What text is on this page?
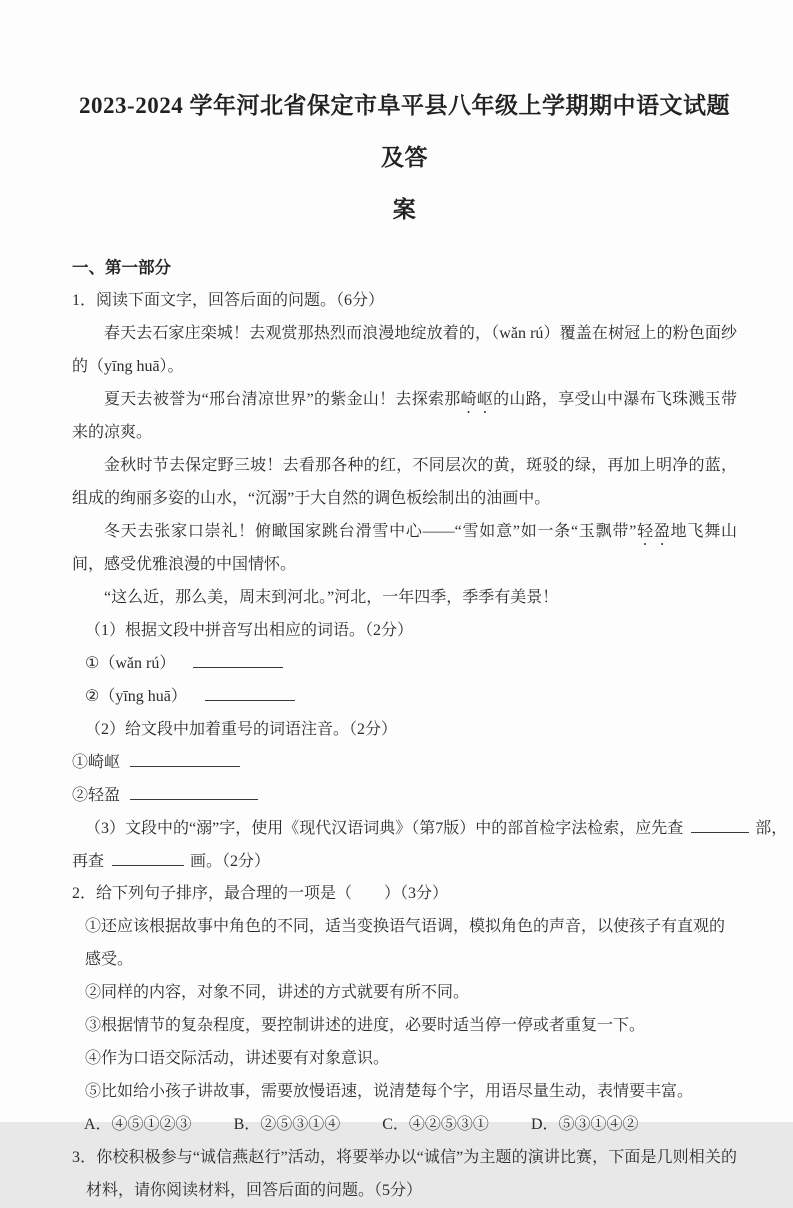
2023-2024 学年河北省保定市阜平县八年级上学期期中语文试题及答
案
一、第一部分
1．阅读下面文字，回答后面的问题。（6分）

春天去石家庄栾城！去观赏那热烈而浪漫地绽放着的，（wǎn rú）覆盖在树冠上的粉色面纱的（yīng huā）。

夏天去被誉为“邢台清凉世界”的紫金山！去探索那崎岖的山路，享受山中瀑布飞珠溅玉带来的凉爽。

金秋时节去保定野三坡！去看那各种的红，不同层次的黄，斑驳的绿，再加上明净的蓝，组成的绚丽多姿的山水，“沉溺”于大自然的调色板绘制出的油画中。

冬天去张家口崇礼！俯瞰国家跳台滑雪中心——“雪如意”如一条“玉飘带”轻盈地飞舞山间，感受优雅浪漫的中国情怀。

“这么近，那么美，周末到河北。”河北，一年四季，季季有美景！

（1）根据文段中拼音写出相应的词语。（2分）
①（wǎn rú）
②（yīng huā）
（2）给文段中加着重号的词语注音。（2分）
①崎岖
②轻盈
（3）文段中的“溺”字，使用《现代汉语词典》（第7版）中的部首检字法检索，应先查	部，
再查	画。（2分）
2．给下列句子排序，最合理的一项是（　　）（3分）
①还应该根据故事中角色的不同，适当变换语气语调，模拟角色的声音，以使孩子有直观的感受。
②同样的内容，对象不同，讲述的方式就要有所不同。
③根据情节的复杂程度，要控制讲述的进度，必要时适当停一停或者重复一下。
④作为口语交际活动，讲述要有对象意识。
⑤比如给小孩子讲故事，需要放慢语速，说清楚每个字，用语尽量生动，表情要丰富。
A．④⑤①②③	B．②⑤③①④	C．④②⑤③①	D．⑤③①④②
3．你校积极参与“诚信燕赵行”活动，将要举办以“诚信”为主题的演讲比赛，下面是几则相关的材料，请你阅读材料，回答后面的问题。（5分）
